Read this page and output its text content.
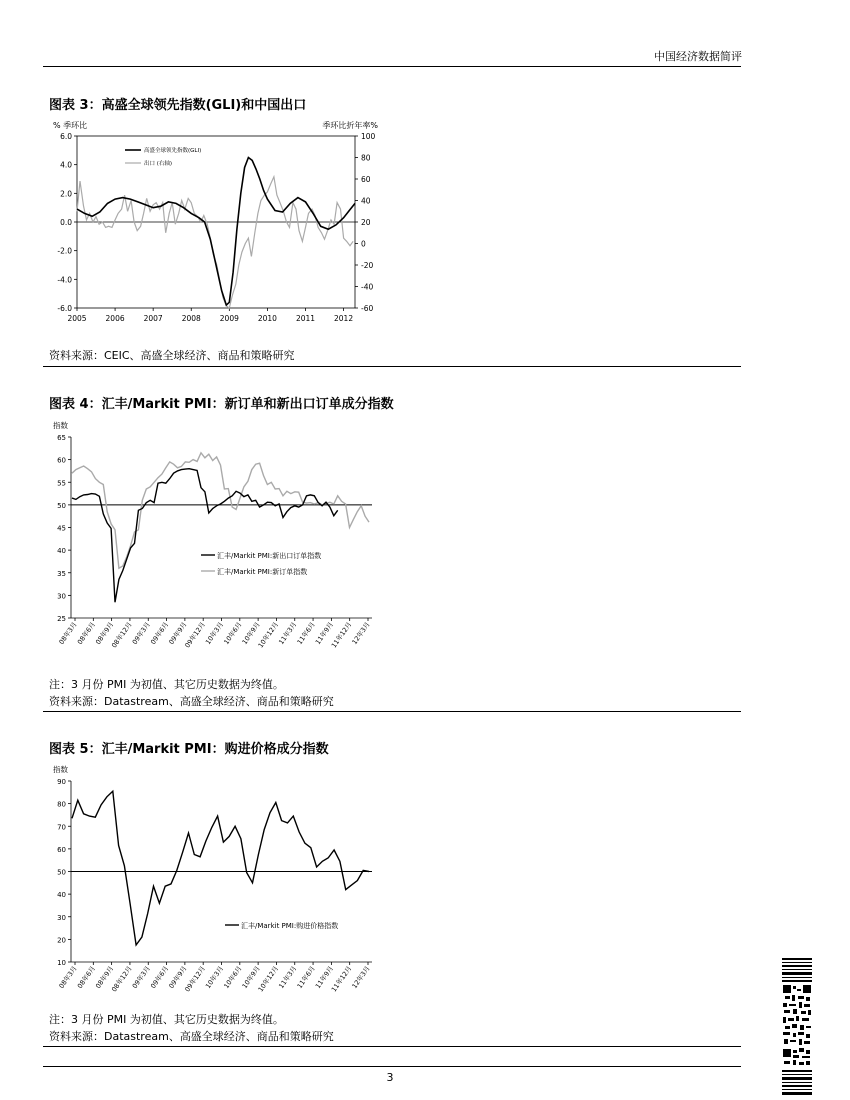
中国经济数据简评
图表 3：高盛全球领先指数(GLI)和中国出口
% 季环比	季环比折年率%
6.0
4.0
2.0
0.0
-2.0
-4.0
-6.0
100
80
60
40
20
0
-20
-40
-60
2005	2006	2007	2008	2009	2010	2011	2012
高盛全球领先指数(GLI)
出口 (右轴)
资料来源：CEIC、高盛全球经济、商品和策略研究
图表 4：汇丰/Markit PMI：新订单和新出口订单成分指数
指数
65
60
55
50
45
40
35
30
25
08年3月
08年6月
08年9月
08年12月
09年3月
09年6月
09年9月
09年12月
10年3月
10年6月
10年9月
10年12月
11年3月
11年6月
11年9月
11年12月
12年3月
汇丰/Markit PMI:新出口订单指数
汇丰/Markit PMI:新订单指数
注：3 月份 PMI 为初值、其它历史数据为终值。
资料来源：Datastream、高盛全球经济、商品和策略研究
图表 5：汇丰/Markit PMI：购进价格成分指数
指数
90
80
70
60
50
40
30
20
10
08年3月
08年6月
08年9月
08年12月
09年3月
09年6月
09年9月
09年12月
10年3月
10年6月
10年9月
10年12月
11年3月
11年6月
11年9月
11年12月
12年3月
汇丰/Markit PMI:购进价格指数
注：3 月份 PMI 为初值、其它历史数据为终值。
资料来源：Datastream、高盛全球经济、商品和策略研究
3
